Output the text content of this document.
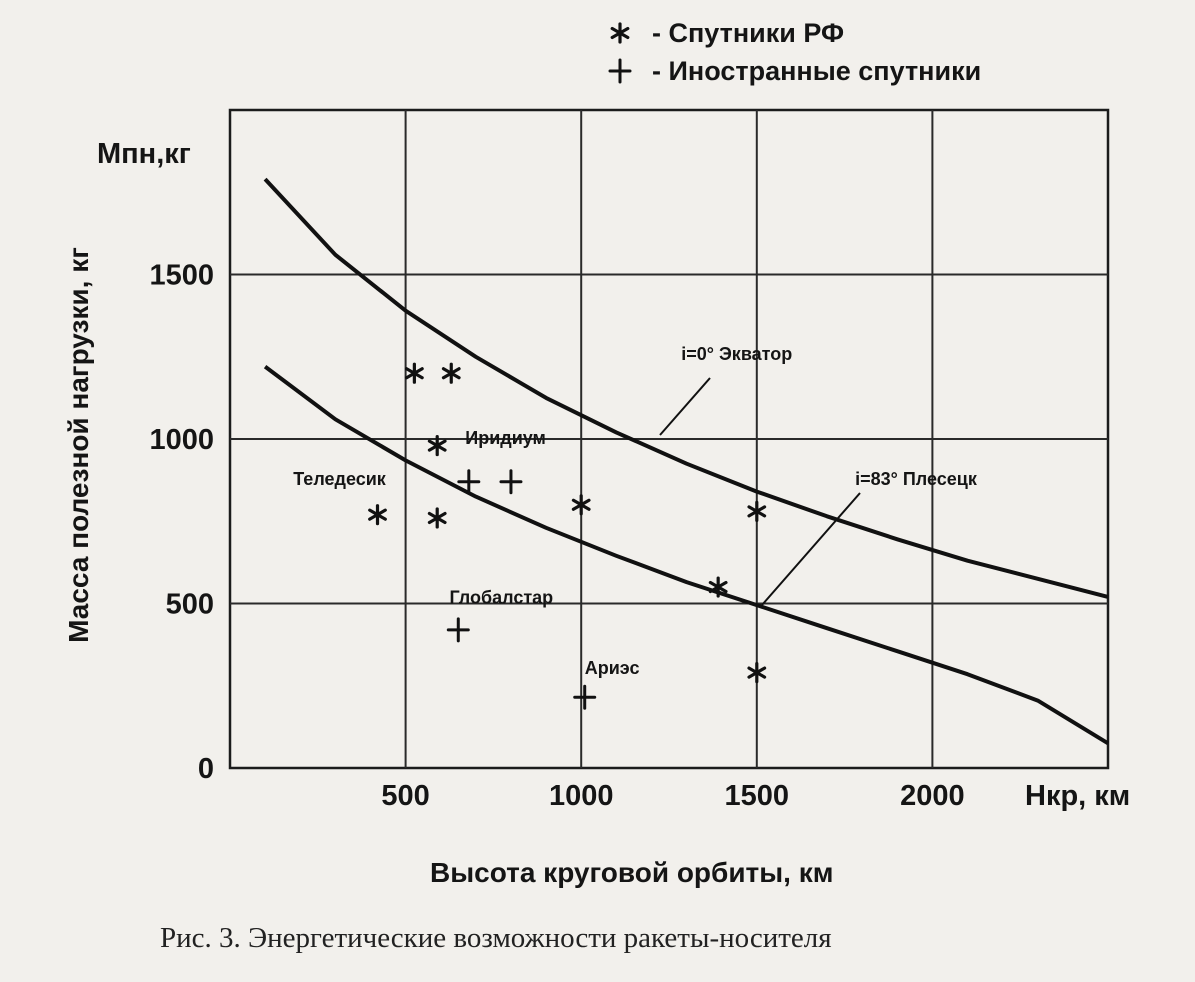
500	1000	1500	2000
0
500
1000
1500
Мпн,кг
Нкр, км
Высота круговой орбиты, км
Масса полезной нагрузки, кг	i=0° Экватор
i=83° Плесецк
Иридиум
Теледесик
Глобалстар
Ариэс
- Спутники РФ
- Иностранные спутники
Рис. 3. Энергетические возможности ракеты-носителя
